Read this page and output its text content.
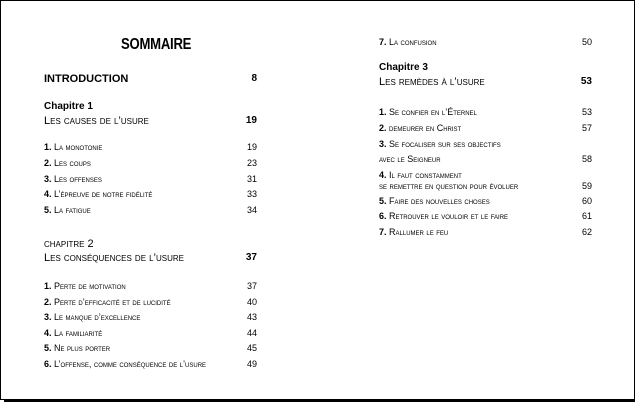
SOMMAIRE
INTRODUCTION	8
Chapitre 1
Les causes de l’usure	19
1. La monotonie	19
2. Les coups	23
3. Les offenses	31
4. L’épreuve de notre fidélité	33
5. La fatigue	34
chapitre 2
Les conséquences de l’usure	37
1. Perte de motivation	37
2. Perte d’efficacité et de lucidité	40
3. Le manque d’excellence	43
4. La familiarité	44
5. Ne plus porter	45
6. L’offense, comme conséquence de l’usure	49
7. La confusion	50
Chapitre 3
Les remèdes à l’usure	53
1. Se confier en l’Éternel	53
2. demeurer en Christ	57
3. Se focaliser sur ses objectifs
avec le Seigneur	58
4. Il faut constamment
se remettre en question pour évoluer	59
5. Faire des nouvelles choses	60
6. Retrouver le vouloir et le faire	61
7. Rallumer le feu	62
